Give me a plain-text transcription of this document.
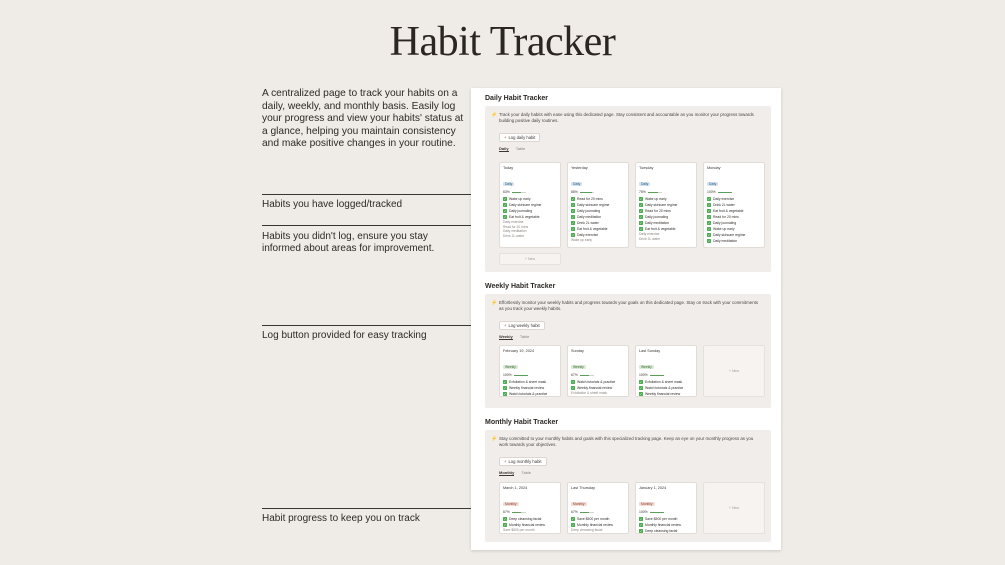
Habit Tracker
A centralized page to track your habits on a daily, weekly, and monthly basis. Easily log your progress and view your habits' status at a glance, helping you maintain consistency and make positive changes in your routine.
Habits you have logged/tracked
Habits you didn't log, ensure you stay informed about areas for improvement.
Log button provided for easy tracking
Habit progress to keep you on track
Daily Habit Tracker
⚡ Track your daily habits with ease using this dedicated page. Stay consistent and accountable as you monitor your progress towards building positive daily routines.
+ Log daily habit
Daily Table
Today
Daily
63%
✓ Wake up early
✓ Daily skincare regime
✓ Daily journaling
✓ Eat fruit & vegetable
Daily exercise
Read for 20 mins
Daily meditation
Drink 2L water
Yesterday
Daily
88%
✓ Read for 20 mins
✓ Daily skincare regime
✓ Daily journaling
✓ Daily meditation
✓ Drink 2L water
✓ Eat fruit & vegetable
✓ Daily exercise
Wake up early
Tuesday
Daily
75%
✓ Wake up early
✓ Daily skincare regime
✓ Read for 20 mins
✓ Daily journaling
✓ Daily meditation
✓ Eat fruit & vegetable
Daily exercise
Drink 2L water
Monday
Daily
100%
✓ Daily exercise
✓ Drink 2L water
✓ Eat fruit & vegetable
✓ Read for 20 mins
✓ Daily journaling
✓ Wake up early
✓ Daily skincare regime
✓ Daily meditation
+ New
Weekly Habit Tracker
⚡ Effortlessly monitor your weekly habits and progress towards your goals on this dedicated page. Stay on track with your commitments as you track your weekly habits.
+ Log weekly habit
Weekly Table
February 19, 2024
Weekly
100%
✓ Exfoliation & sheet mask
✓ Weekly financial review
✓ Watch tutorials & practice
Sunday
Weekly
67%
✓ Watch tutorials & practice
✓ Weekly financial review
Exfoliation & sheet mask
Last Sunday
Weekly
100%
✓ Exfoliation & sheet mask
✓ Watch tutorials & practice
✓ Weekly financial review
+ New
Monthly Habit Tracker
⚡ Stay committed to your monthly habits and goals with this specialized tracking page. Keep an eye on your monthly progress as you work towards your objectives.
+ Log monthly habit
Monthly Table
March 1, 2024
Monthly
67%
✓ Deep cleansing facial
✓ Monthly financial review
Save $500 per month
Last Thursday
Monthly
67%
✓ Save $500 per month
✓ Monthly financial review
Deep cleansing facial
January 1, 2024
Monthly
100%
✓ Save $500 per month
✓ Monthly financial review
✓ Deep cleansing facial
+ New
